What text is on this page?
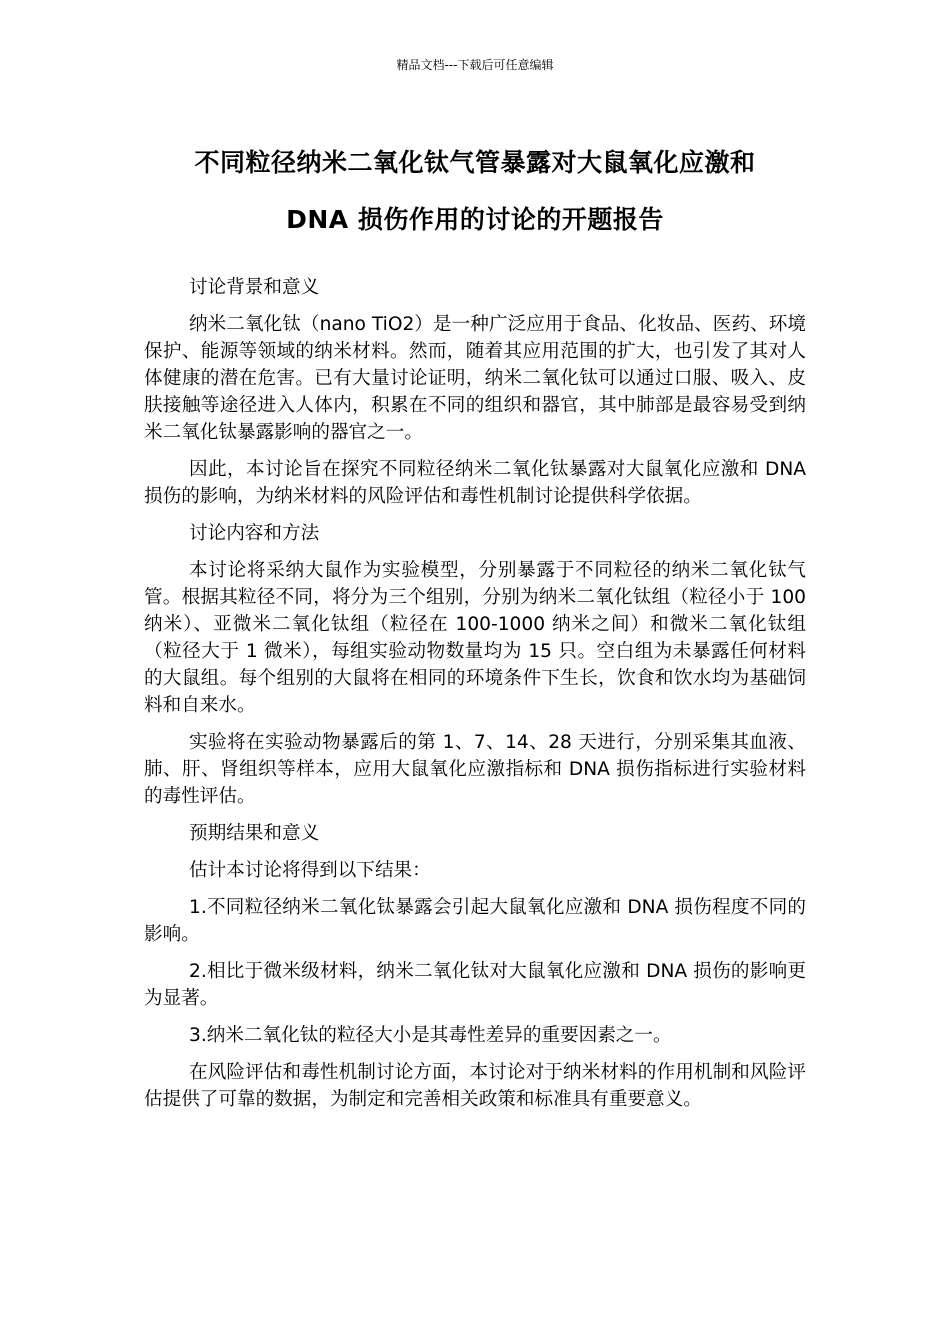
精品文档---下载后可任意编辑
不同粒径纳米二氧化钛气管暴露对大鼠氧化应激和
DNA 损伤作用的讨论的开题报告

讨论背景和意义

纳米二氧化钛（nano TiO2）是一种广泛应用于食品、化妆品、医药、环境保护、能源等领域的纳米材料。然而，随着其应用范围的扩大，也引发了其对人体健康的潜在危害。已有大量讨论证明，纳米二氧化钛可以通过口服、吸入、皮肤接触等途径进入人体内，积累在不同的组织和器官，其中肺部是最容易受到纳米二氧化钛暴露影响的器官之一。

因此，本讨论旨在探究不同粒径纳米二氧化钛暴露对大鼠氧化应激和 DNA 损伤的影响，为纳米材料的风险评估和毒性机制讨论提供科学依据。

讨论内容和方法

本讨论将采纳大鼠作为实验模型，分别暴露于不同粒径的纳米二氧化钛气管。根据其粒径不同，将分为三个组别，分别为纳米二氧化钛组（粒径小于 100 纳米）、亚微米二氧化钛组（粒径在 100-1000 纳米之间）和微米二氧化钛组（粒径大于 1 微米），每组实验动物数量均为 15 只。空白组为未暴露任何材料的大鼠组。每个组别的大鼠将在相同的环境条件下生长，饮食和饮水均为基础饲料和自来水。

实验将在实验动物暴露后的第 1、7、14、28 天进行，分别采集其血液、肺、肝、肾组织等样本，应用大鼠氧化应激指标和 DNA 损伤指标进行实验材料的毒性评估。

预期结果和意义

估计本讨论将得到以下结果：

1.不同粒径纳米二氧化钛暴露会引起大鼠氧化应激和 DNA 损伤程度不同的影响。

2.相比于微米级材料，纳米二氧化钛对大鼠氧化应激和 DNA 损伤的影响更为显著。

3.纳米二氧化钛的粒径大小是其毒性差异的重要因素之一。

在风险评估和毒性机制讨论方面，本讨论对于纳米材料的作用机制和风险评估提供了可靠的数据，为制定和完善相关政策和标准具有重要意义。
